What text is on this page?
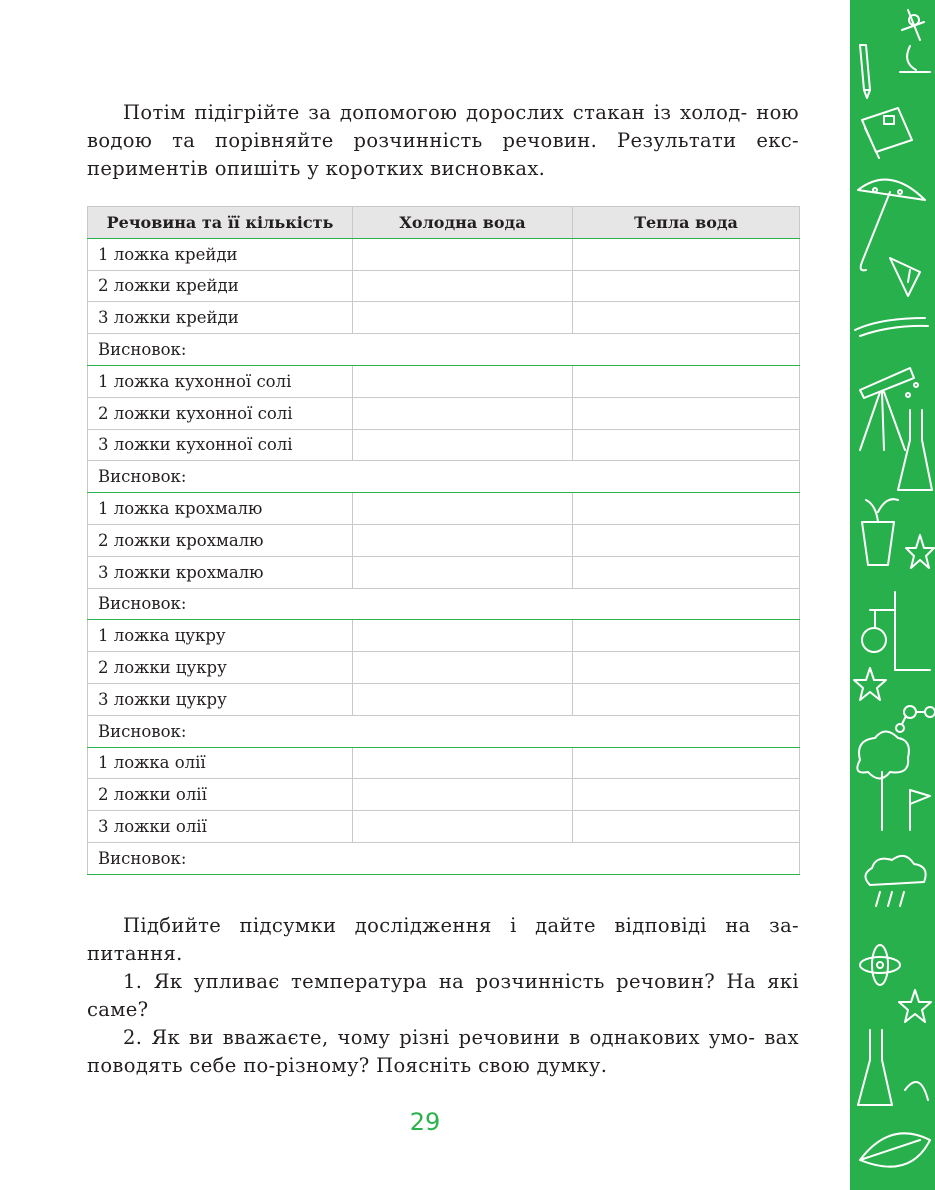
Потім підігрійте за допомогою дорослих стакан із холод- ною водою та порівняйте розчинність речовин. Результати екс- периментів опишіть у коротких висновках.

Речовина та її кількість	Холодна вода	Тепла вода
1 ложка крейди		
2 ложки крейди		
3 ложки крейди		
Висновок:		
1 ложка кухонної солі		
2 ложки кухонної солі		
3 ложки кухонної солі		
Висновок:		
1 ложка крохмалю		
2 ложки крохмалю		
3 ложки крохмалю		
Висновок:		
1 ложка цукру		
2 ложки цукру		
3 ложки цукру		
Висновок:		
1 ложка олії		
2 ложки олії		
3 ложки олії		
Висновок:		

Підбийте підсумки дослідження і дайте відповіді на за- питання.

1. Як упливає температура на розчинність речовин? На які саме?

2. Як ви вважаєте, чому різні речовини в однакових умо- вах поводять себе по-різному? Поясніть свою думку.

29
